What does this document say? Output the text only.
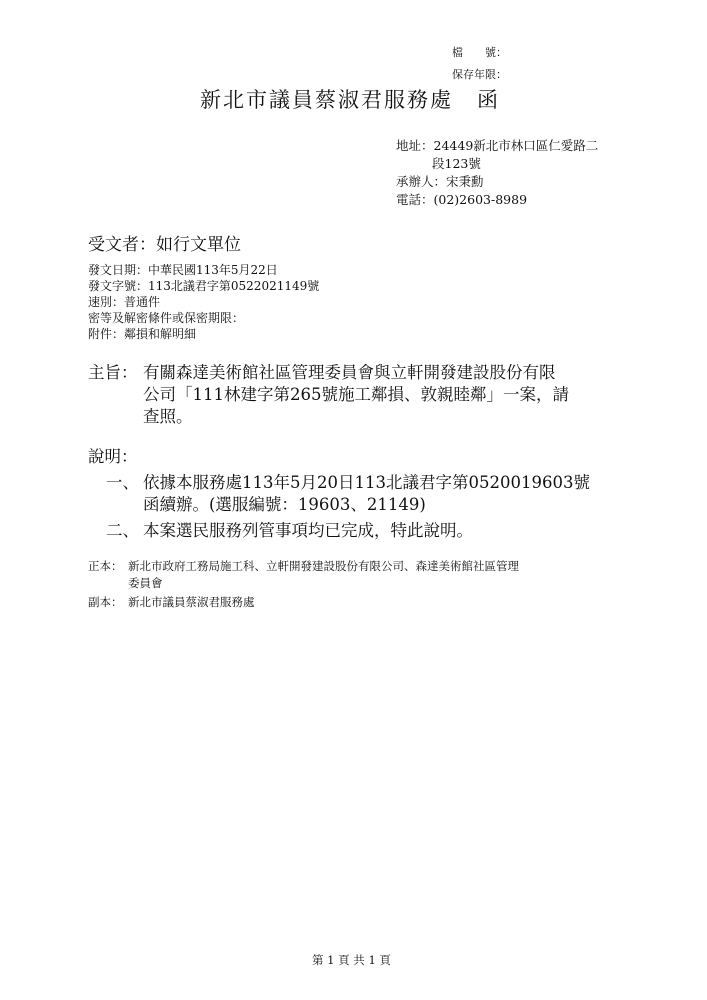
檔　　號：
保存年限：
新北市議員蔡淑君服務處 函
地址：24449新北市林口區仁愛路二
段123號
承辦人：宋秉勳
電話：(02)2603-8989
受文者：如行文單位
發文日期：中華民國113年5月22日
發文字號：113北議君字第0522021149號
速別：普通件
密等及解密條件或保密期限：
附件：鄰損和解明細
主旨： 有關森達美術館社區管理委員會與立軒開發建設股份有限
公司「111林建字第265號施工鄰損、敦親睦鄰」一案，請
查照。
說明：
一、 依據本服務處113年5月20日113北議君字第0520019603號
函續辦。(選服編號：19603、21149)
二、 本案選民服務列管事項均已完成，特此說明。
正本： 新北市政府工務局施工科、立軒開發建設股份有限公司、森達美術館社區管理
委員會
副本： 新北市議員蔡淑君服務處
第 1 頁 共 1 頁
